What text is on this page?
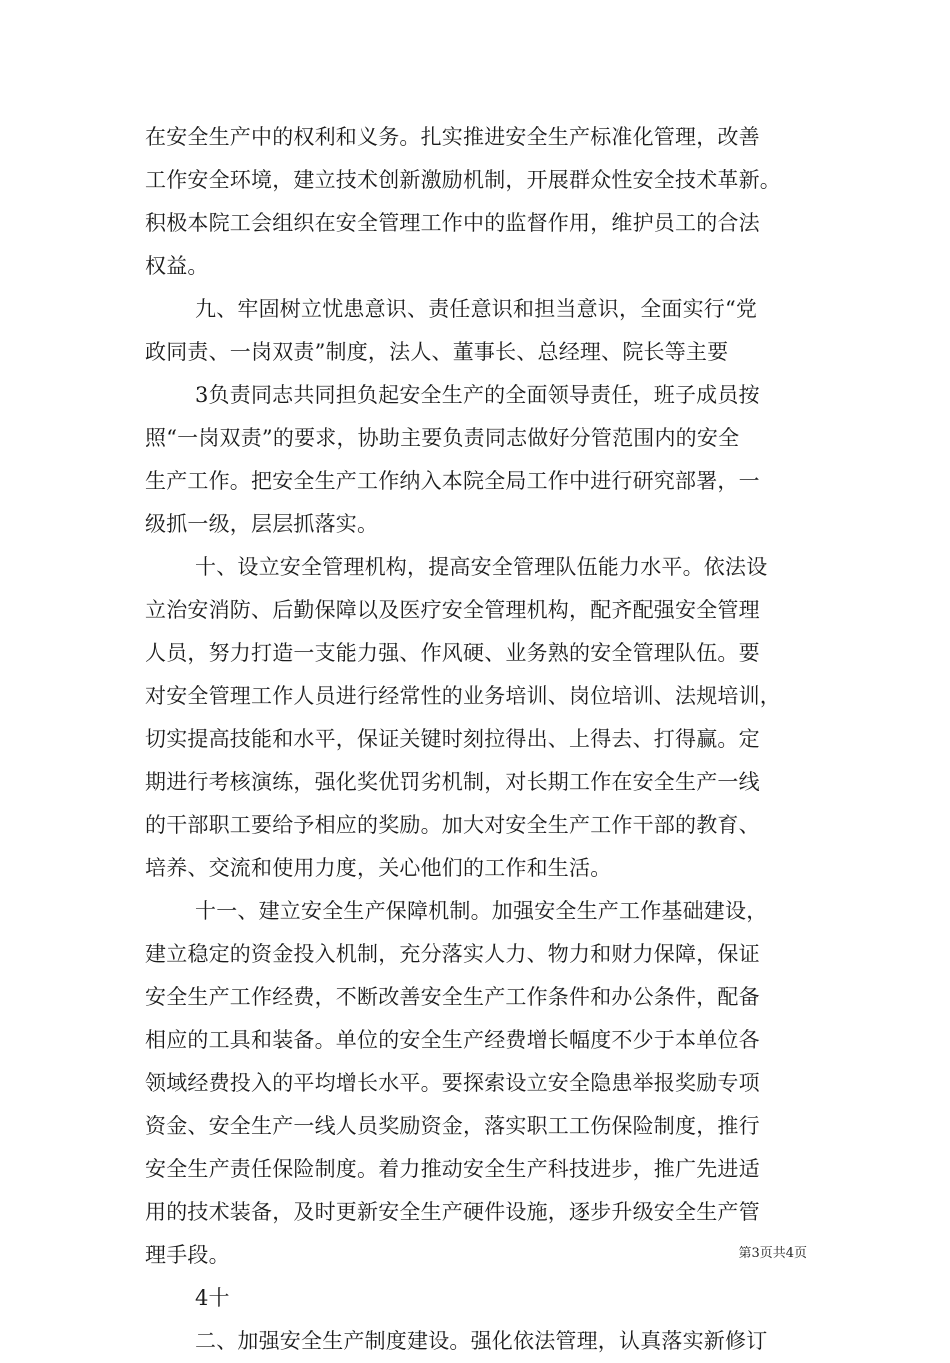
在安全生产中的权利和义务。扎实推进安全生产标准化管理，改善
工作安全环境，建立技术创新激励机制，开展群众性安全技术革新。
积极本院工会组织在安全管理工作中的监督作用，维护员工的合法
权益。
九、牢固树立忧患意识、责任意识和担当意识，全面实行“党
政同责、一岗双责”制度，法人、董事长、总经理、院长等主要
3负责同志共同担负起安全生产的全面领导责任，班子成员按
照“一岗双责”的要求，协助主要负责同志做好分管范围内的安全
生产工作。把安全生产工作纳入本院全局工作中进行研究部署，一
级抓一级，层层抓落实。
十、设立安全管理机构，提高安全管理队伍能力水平。依法设
立治安消防、后勤保障以及医疗安全管理机构，配齐配强安全管理
人员，努力打造一支能力强、作风硬、业务熟的安全管理队伍。要
对安全管理工作人员进行经常性的业务培训、岗位培训、法规培训，
切实提高技能和水平，保证关键时刻拉得出、上得去、打得赢。定
期进行考核演练，强化奖优罚劣机制，对长期工作在安全生产一线
的干部职工要给予相应的奖励。加大对安全生产工作干部的教育、
培养、交流和使用力度，关心他们的工作和生活。
十一、建立安全生产保障机制。加强安全生产工作基础建设，
建立稳定的资金投入机制，充分落实人力、物力和财力保障，保证
安全生产工作经费，不断改善安全生产工作条件和办公条件，配备
相应的工具和装备。单位的安全生产经费增长幅度不少于本单位各
领域经费投入的平均增长水平。要探索设立安全隐患举报奖励专项
资金、安全生产一线人员奖励资金，落实职工工伤保险制度，推行
安全生产责任保险制度。着力推动安全生产科技进步，推广先进适
用的技术装备，及时更新安全生产硬件设施，逐步升级安全生产管
理手段。
4十
二、加强安全生产制度建设。强化依法管理，认真落实新修订
第3页共4页
